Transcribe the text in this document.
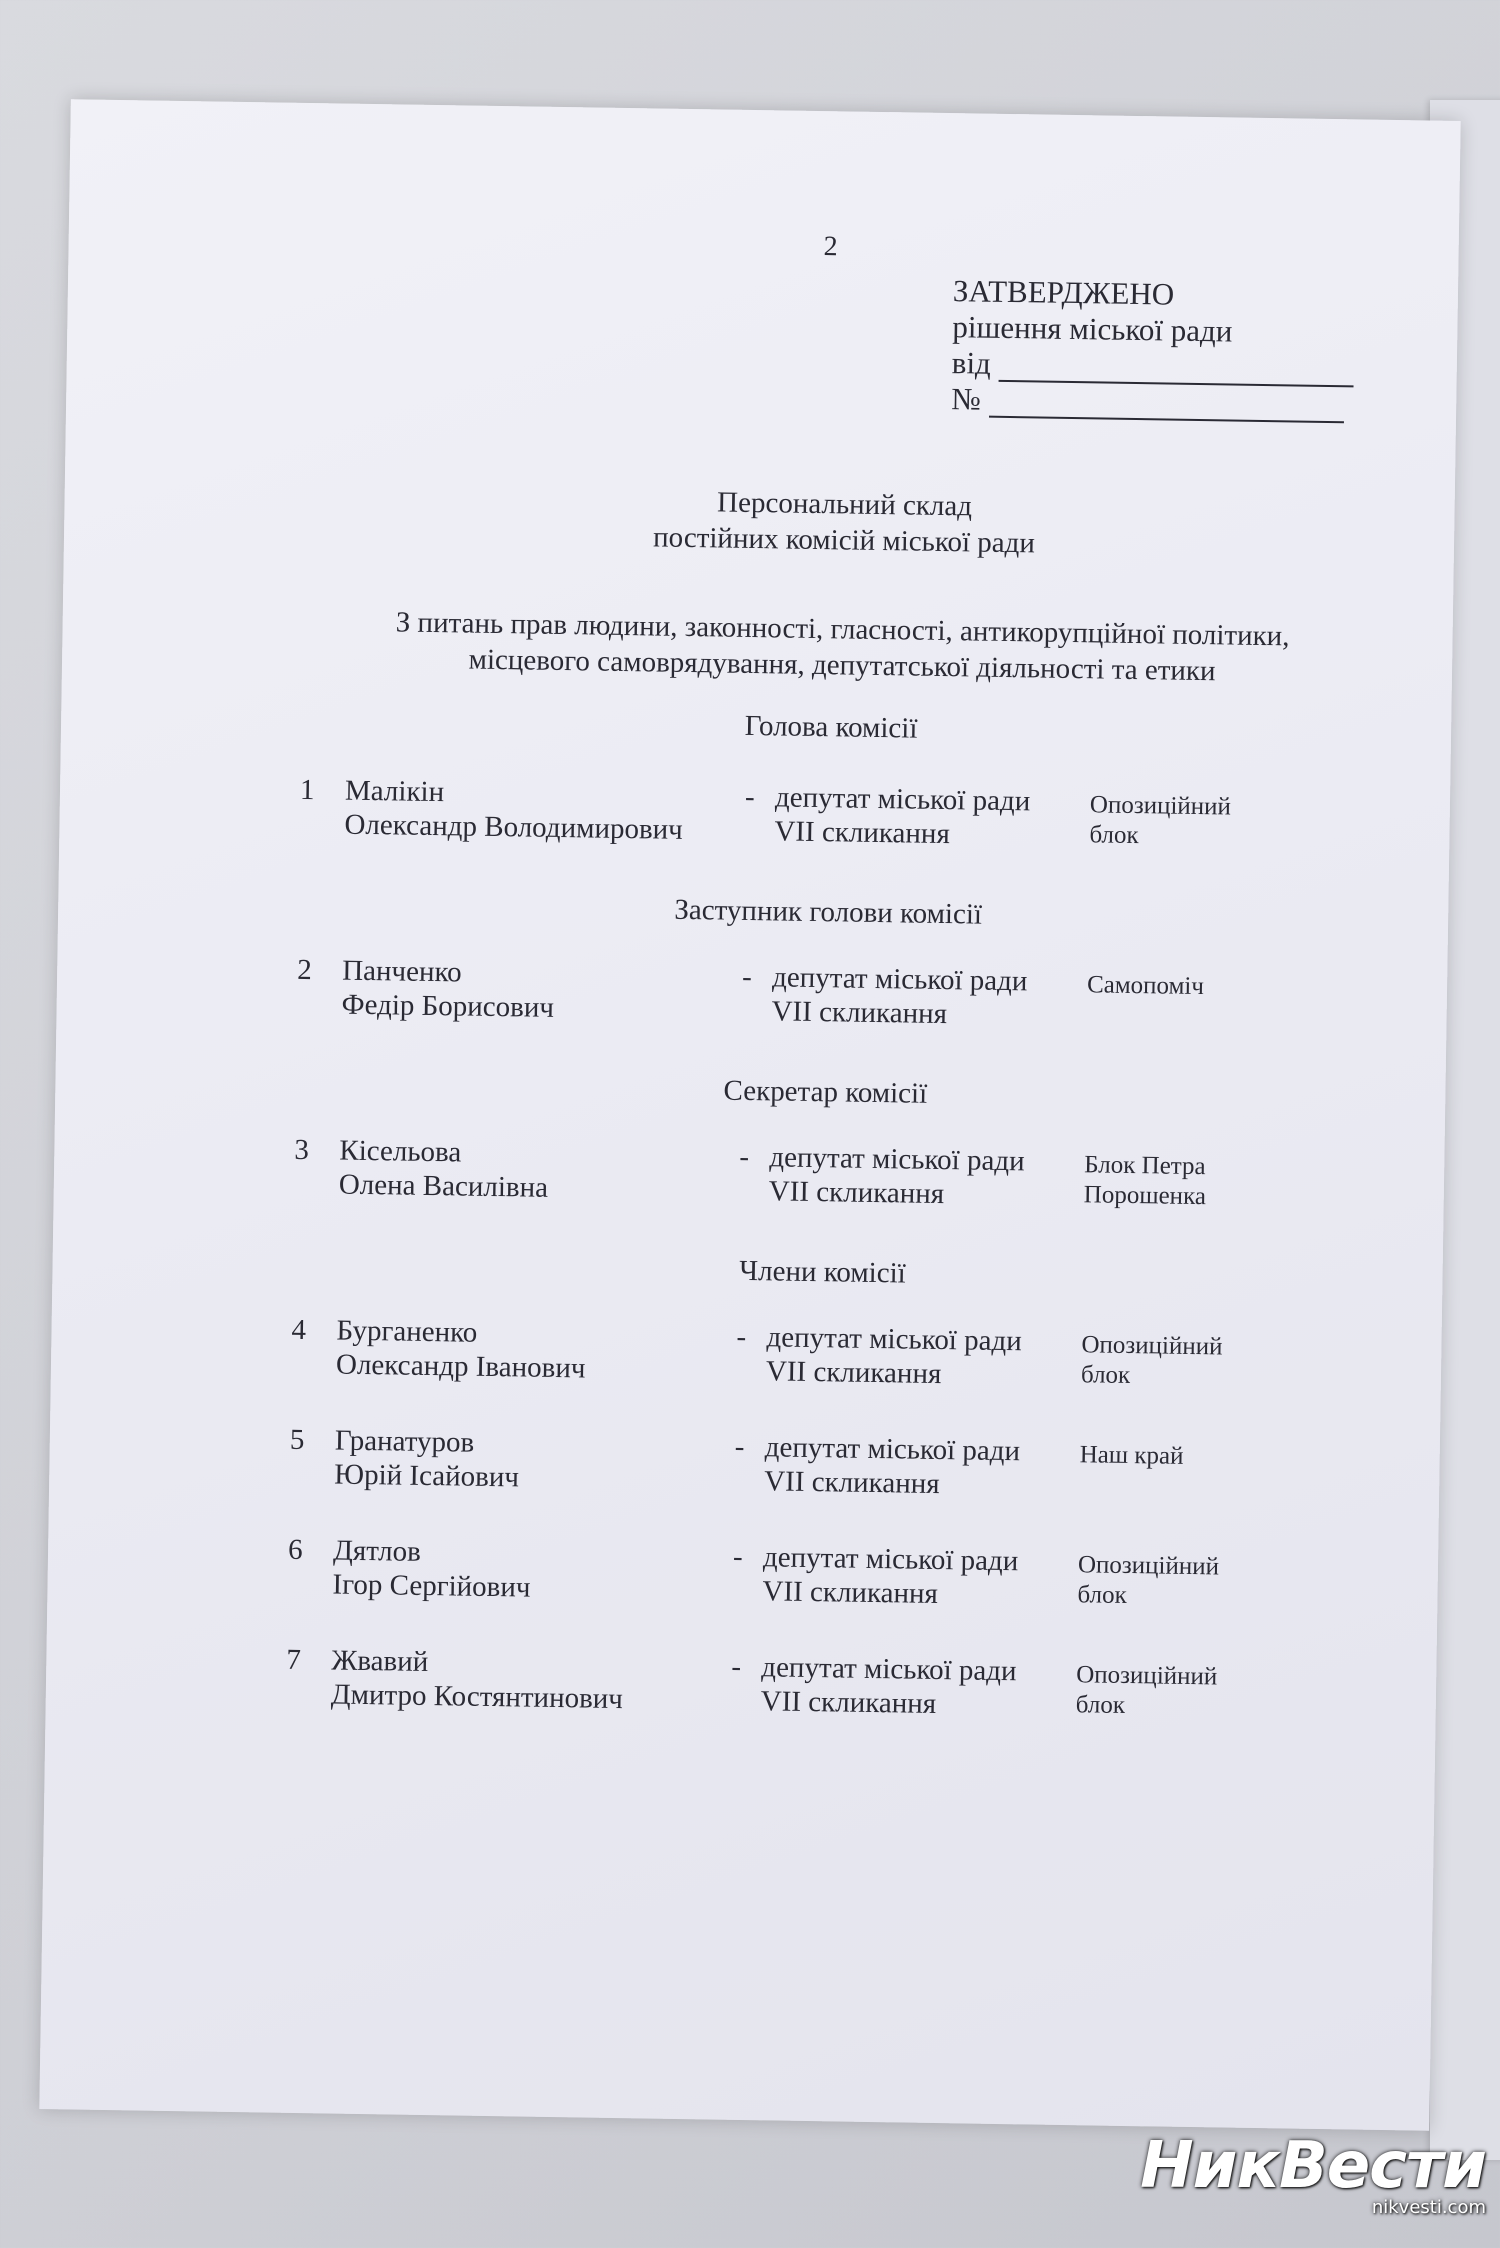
2
ЗАТВЕРДЖЕНО
рішення міської ради
від
№
Персональний склад
постійних комісій міської ради
З питань прав людини, законності, гласності, антикорупційної політики,
місцевого самоврядування, депутатської діяльності та етики
Голова комісії
1 Малікін
Олександр Володимирович
- депутат міської ради
VII скликання
Опозиційний
блок
Заступник голови комісії
2 Панченко
Федір Борисович
- депутат міської ради
VII скликання
Самопоміч

Секретар комісії
3 Кісельова
Олена Василівна
- депутат міської ради
VII скликання
Блок Петра
Порошенка
Члени комісії
4 Бурганенко
Олександр Іванович
- депутат міської ради
VII скликання
Опозиційний
блок
5 Гранатуров
Юрій Ісайович
- депутат міської ради
VII скликання
Наш край

6 Дятлов
Ігор Сергійович
- депутат міської ради
VII скликання
Опозиційний
блок
7 Жвавий
Дмитро Костянтинович
- депутат міської ради
VII скликання
Опозиційний
блок
НикВести
nikvesti.com
